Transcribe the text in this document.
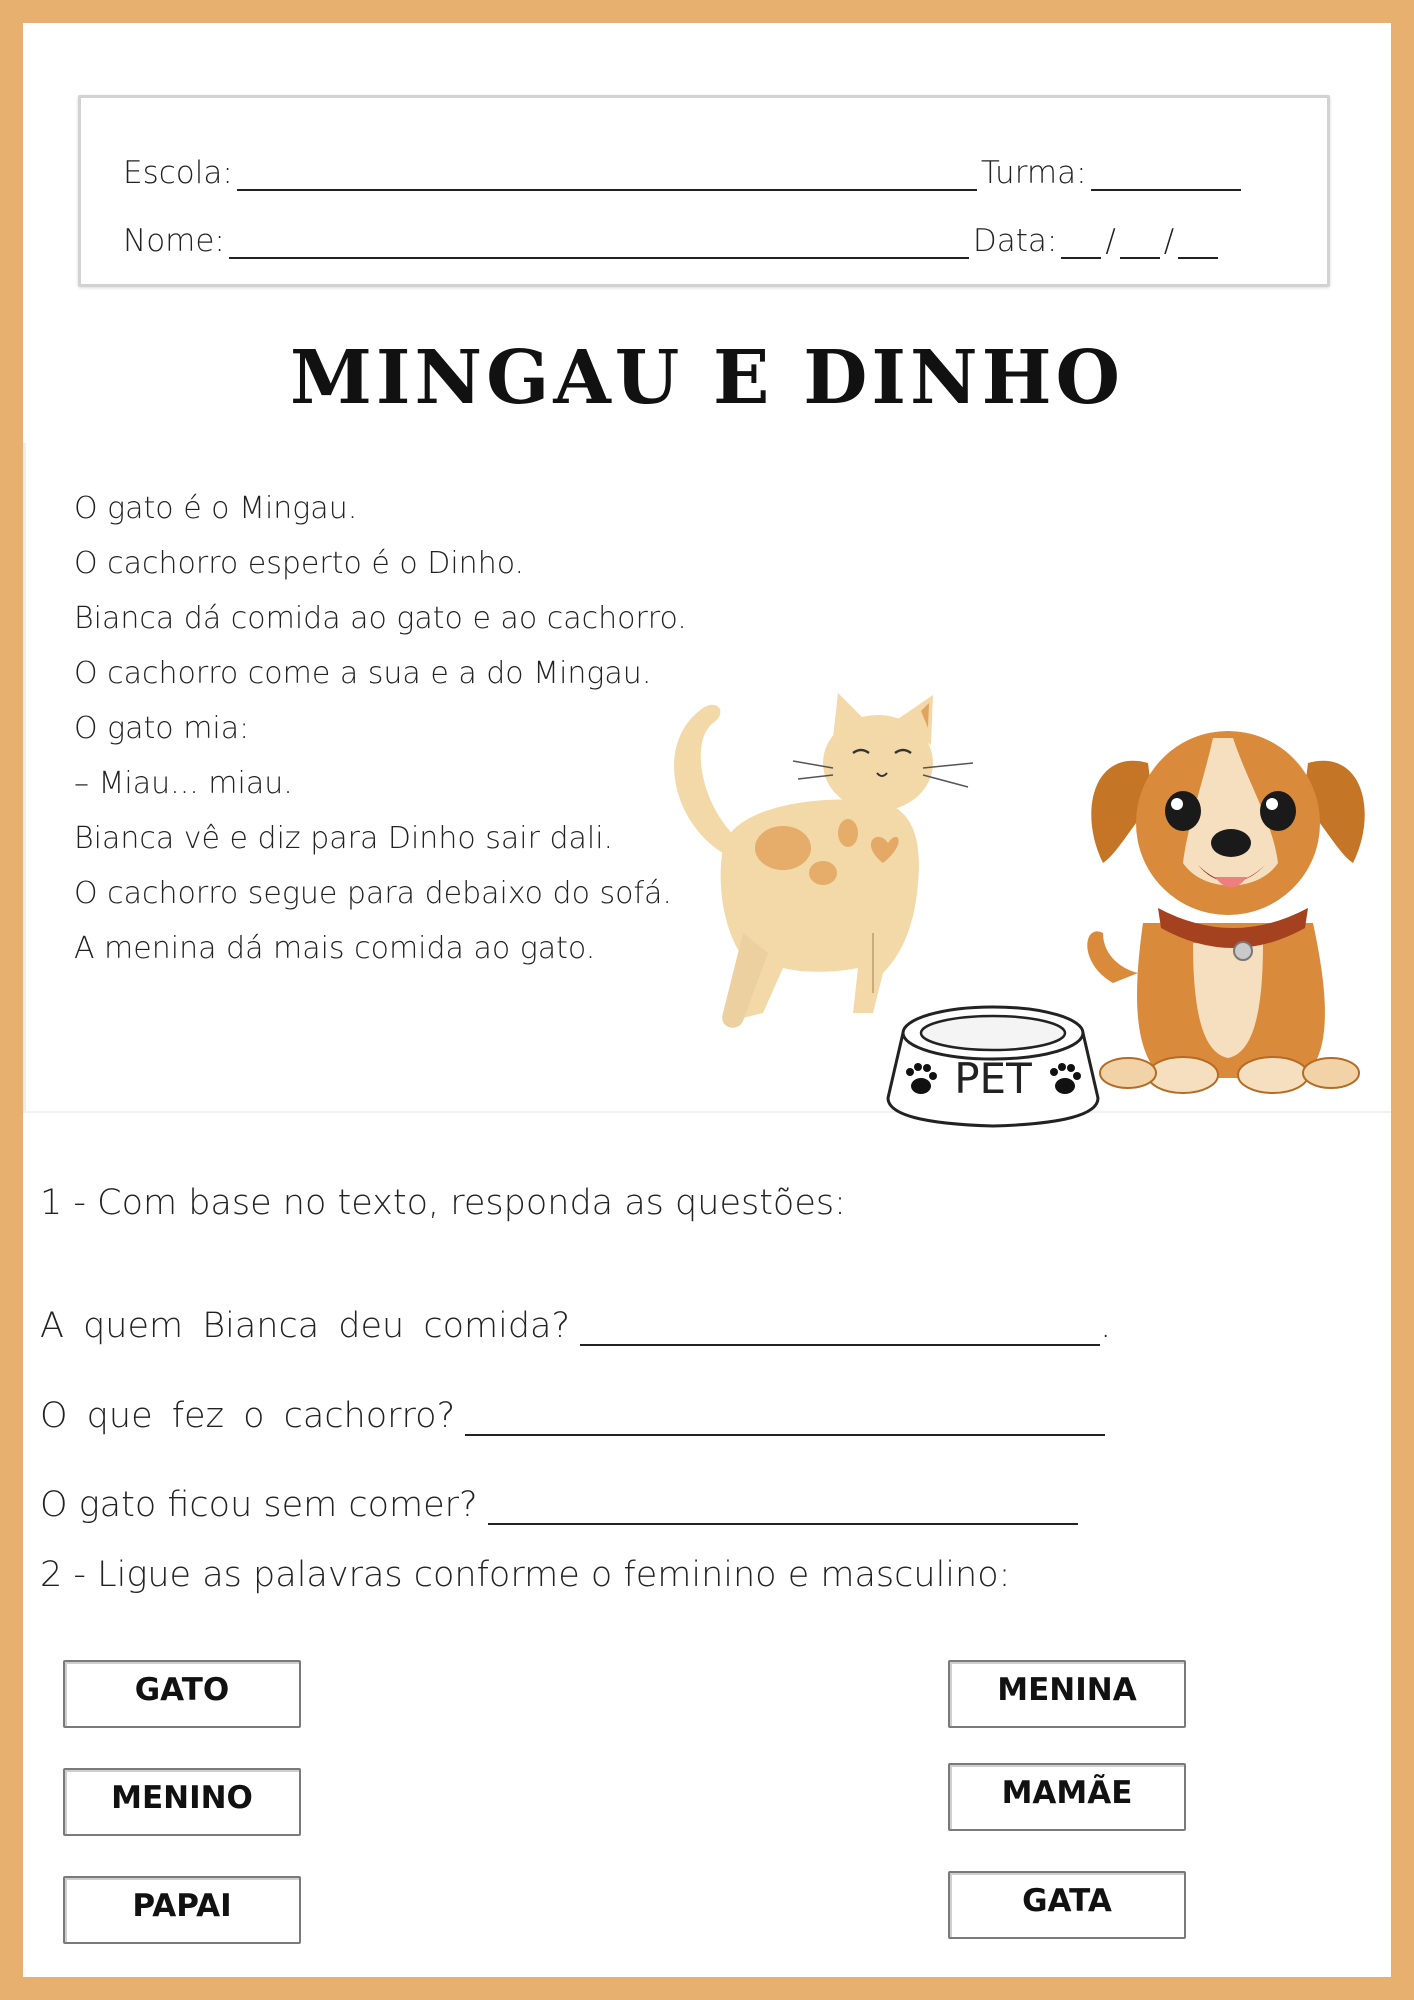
Escola:	Turma:
Nome:	Data: / /
MINGAU E DINHO
O gato é o Mingau.
O cachorro esperto é o Dinho.
Bianca dá comida ao gato e ao cachorro.
O cachorro come a sua e a do Mingau.
O gato mia:
– Miau... miau.
Bianca vê e diz para Dinho sair dali.
O cachorro segue para debaixo do sofá.
A menina dá mais comida ao gato.
PET
1 - Com base no texto, responda as questões:
A quem Bianca deu comida?	.
O que fez o cachorro?
O gato ficou sem comer?
2 - Ligue as palavras conforme o feminino e masculino:
GATO
MENINO
PAPAI
MENINA
MAMÃE
GATA
